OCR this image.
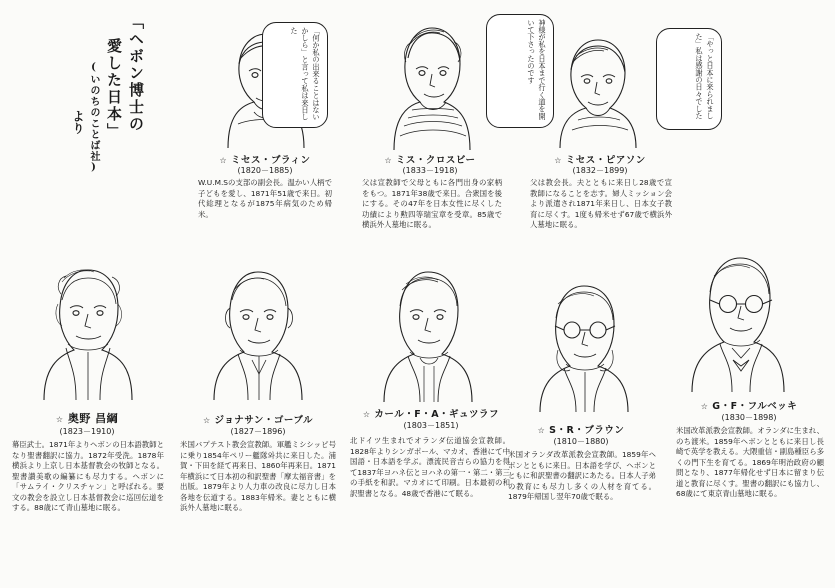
「ヘボン博士の
愛した日本」
(いのちのことば社)
より
「何か私の出来ることはないかしら」と言って私は来日した
☆ ミセス・ブラィン
(1820－1885)
W.U.M.Sの支部の副会長。温かい人柄で子どもを愛し、1871年51歳で来日。初代総理となるが1875年病気のため帰米。
神様が私を日本まで行く道を開いて下さったのです
☆ ミス・クロスビー
(1833－1918)
父は宣教師で父母ともに各門出身の家柄をもつ。1871年38歳で来日。合衆国を後にする。その47年を日本女性に尽くした功績により勲四等瑞宝章を受章。85歳で横浜外人墓地に眠る。
「やっと日本に来られました」私は感謝の日々でした
☆ ミセス・ピアソン
(1832－1899)
父は教会長。夫とともに来日し28歳で宣教師になることを志す。婦人ミッション会より派遣され1871年来日し、日本女子教育に尽くす。1度も帰米せず67歳で横浜外人墓地に眠る。
☆ 奥野 昌綱
(1823－1910)
幕臣武士。1871年よりヘボンの日本語教師となり聖書翻訳に協力。1872年受洗。1878年横浜より上京し日本基督教会の牧師となる。聖書讃美歌の編纂にも尽力する。ヘボンに「サムライ・クリスチャン」と呼ばれる。要文の教会を設立し日本基督教会に巡回伝道をする。88歳にて青山墓地に眠る。
☆ ジョナサン・ゴーブル
(1827－1896)
米国バプテスト教会宣教師。軍艦ミシシッピ号に乗り1854年ペリー艦隊와共に来日した。浦賀・下田を経て再来日、1860年再来日。1871年横浜にて日本初の和訳聖書「摩太福音書」を出版。1879年より人力車の改良に尽力し日本各地を伝道する。1883年帰米。妻とともに横浜外人墓地に眠る。
☆ カール・F・A・ギュツラフ
(1803－1851)
北ドイツ生まれでオランダ伝道協会宣教師。1828年よりシンガポール、マカオ、香港にて中国語・日本語を学ぶ。漂流民音吉らの協力を得て1837年ヨハネ伝とヨハネの第一・第二・第三の手紙を和訳。マカオにて印刷。日本最初の和訳聖書となる。48歳で香港にて眠る。
☆ S・R・ブラウン
(1810－1880)
米国オランダ改革派教会宣教師。1859年ヘボンとともに来日。日本語を学び、ヘボンとともに和訳聖書の翻訳にあたる。日本人子弟の教育にも尽力し多くの人材を育てる。1879年帰国し翌年70歳で眠る。
☆ G・F・フルベッキ
(1830－1898)
米国改革派教会宣教師。オランダに生まれ、のち渡米。1859年ヘボンとともに来日し長崎で英学を教える。大隈重信・副島種臣ら多くの門下生を育てる。1869年明治政府の顧問となり、1877年帰化せず日本に留まり伝道と教育に尽くす。聖書の翻訳にも協力し、68歳にて東京青山墓地に眠る。
